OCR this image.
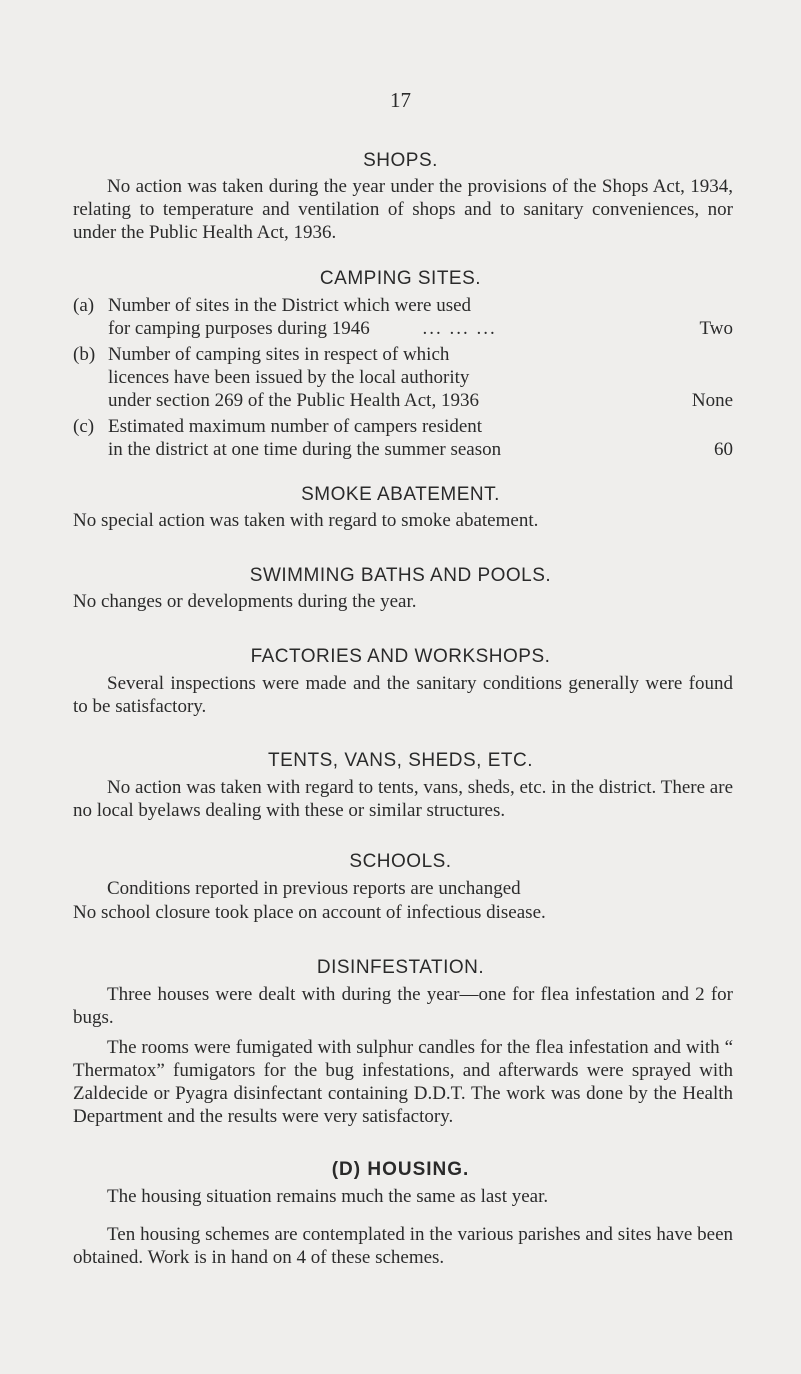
17
SHOPS.
No action was taken during the year under the provisions of the Shops Act, 1934, relating to temperature and ventilation of shops and to sanitary conveniences, nor under the Public Health Act, 1936.
CAMPING SITES.
(a) Number of sites in the District which were used
for camping purposes during 1946	... ... ...	Two
(b) Number of camping sites in respect of which
licences have been issued by the local authority
under section 269 of the Public Health Act, 1936	None
(c) Estimated maximum number of campers resident
in the district at one time during the summer season	60
SMOKE ABATEMENT.
No special action was taken with regard to smoke abatement.
SWIMMING BATHS AND POOLS.
No changes or developments during the year.
FACTORIES AND WORKSHOPS.
Several inspections were made and the sanitary conditions generally were found to be satisfactory.
TENTS, VANS, SHEDS, ETC.
No action was taken with regard to tents, vans, sheds, etc. in the district. There are no local byelaws dealing with these or similar structures.
SCHOOLS.
Conditions reported in previous reports are unchanged
No school closure took place on account of infectious disease.
DISINFESTATION.
Three houses were dealt with during the year—one for flea infestation and 2 for bugs.
The rooms were fumigated with sulphur candles for the flea infestation and with “ Thermatox” fumigators for the bug infestations, and afterwards were sprayed with Zaldecide or Pyagra disinfectant containing D.D.T. The work was done by the Health Department and the results were very satisfactory.
(D) HOUSING.
The housing situation remains much the same as last year.
Ten housing schemes are contemplated in the various parishes and sites have been obtained. Work is in hand on 4 of these schemes.
